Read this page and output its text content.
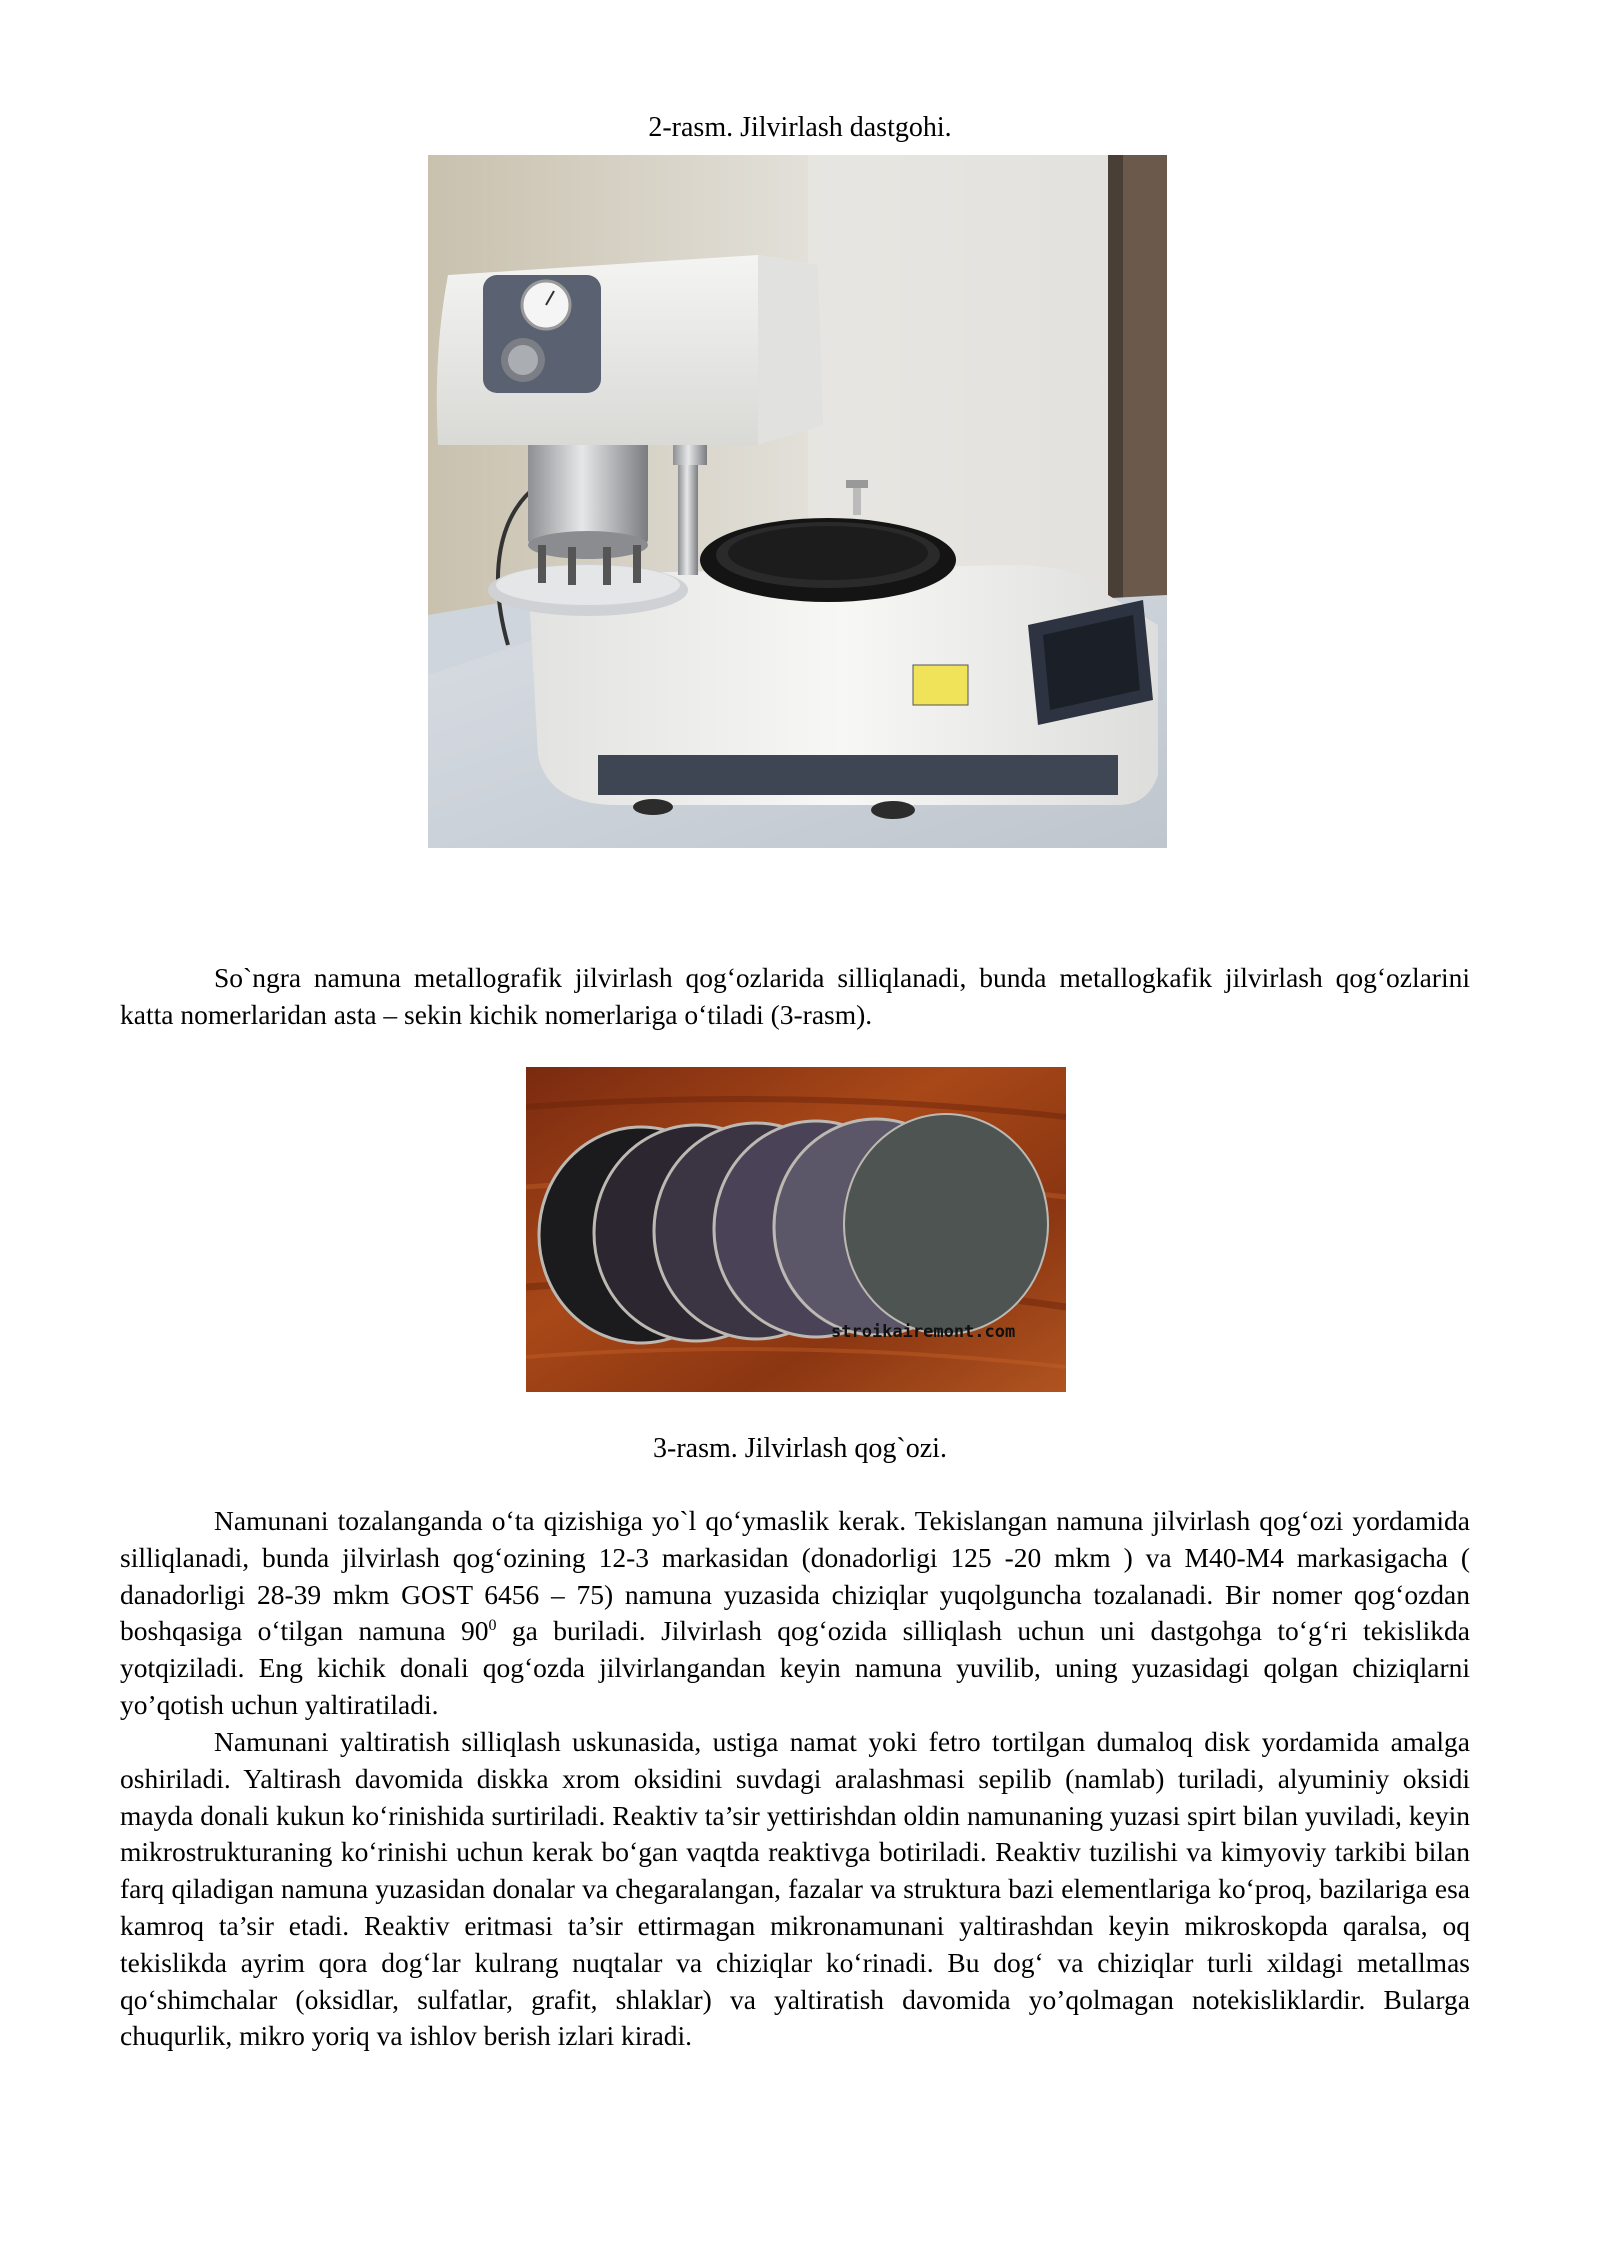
2-rasm. Jilvirlash dastgohi.

So`ngra namuna metallografik jilvirlash qog‘ozlarida silliqlanadi, bunda metallogkafik jilvirlash qog‘ozlarini katta nomerlaridan asta – sekin kichik nomerlariga o‘tiladi (3-rasm).

stroikairemont.com
3-rasm. Jilvirlash qog`ozi.

Namunani tozalanganda o‘ta qizishiga yo`l qo‘ymaslik kerak. Tekislangan namuna jilvirlash qog‘ozi yordamida silliqlanadi, bunda jilvirlash qog‘ozining 12-3 markasidan (donadorligi 125 -20 mkm ) va M40-M4 markasigacha ( danadorligi 28-39 mkm GOST 6456 – 75) namuna yuzasida chiziqlar yuqolguncha tozalanadi. Bir nomer qog‘ozdan boshqasiga o‘tilgan namuna $90^0$ ga buriladi. Jilvirlash qog‘ozida silliqlash uchun uni dastgohga to‘g‘ri tekislikda yotqiziladi. Eng kichik donali qog‘ozda jilvirlangandan keyin namuna yuvilib, uning yuzasidagi qolgan chiziqlarni yo’qotish uchun yaltiratiladi.

Namunani yaltiratish silliqlash uskunasida, ustiga namat yoki fetro tortilgan dumaloq disk yordamida amalga oshiriladi. Yaltirash davomida diskka xrom oksidini suvdagi aralashmasi sepilib (namlab) turiladi, alyuminiy oksidi mayda donali kukun ko‘rinishida surtiriladi. Reaktiv ta’sir yettirishdan oldin namunaning yuzasi spirt bilan yuviladi, keyin mikrostrukturaning ko‘rinishi uchun kerak bo‘gan vaqtda reaktivga botiriladi. Reaktiv tuzilishi va kimyoviy tarkibi bilan farq qiladigan namuna yuzasidan donalar va chegaralangan, fazalar va struktura bazi elementlariga ko‘proq, bazilariga esa kamroq ta’sir etadi. Reaktiv eritmasi ta’sir ettirmagan mikronamunani yaltirashdan keyin mikroskopda qaralsa, oq tekislikda ayrim qora dog‘lar kulrang nuqtalar va chiziqlar ko‘rinadi. Bu dog‘ va chiziqlar turli xildagi metallmas qo‘shimchalar (oksidlar, sulfatlar, grafit, shlaklar) va yaltiratish davomida yo’qolmagan notekisliklardir. Bularga chuqurlik, mikro yoriq va ishlov berish izlari kiradi.
